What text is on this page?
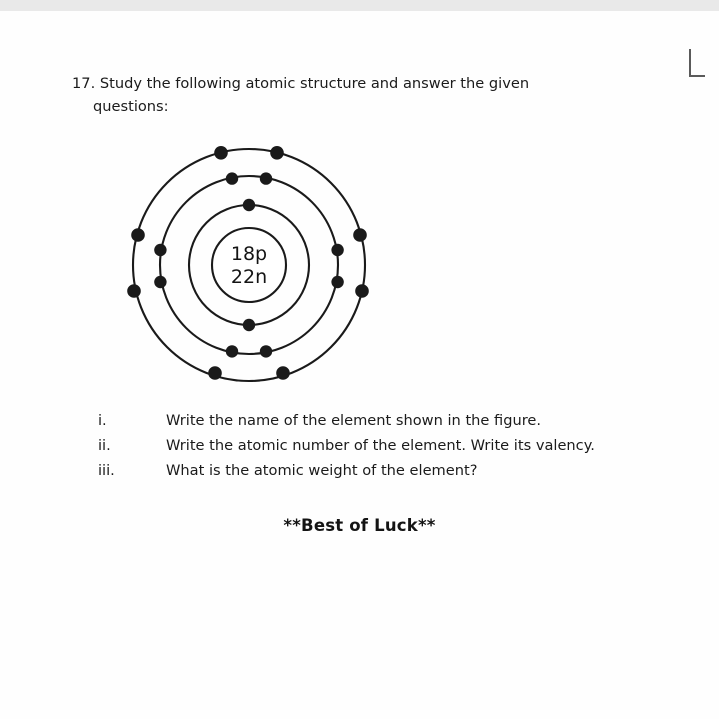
17. Study the following atomic structure and answer the given
questions:
18p
22n
i.	Write the name of the element shown in the figure.
ii.	Write the atomic number of the element. Write its valency.
iii.	What is the atomic weight of the element?
**Best of Luck**
